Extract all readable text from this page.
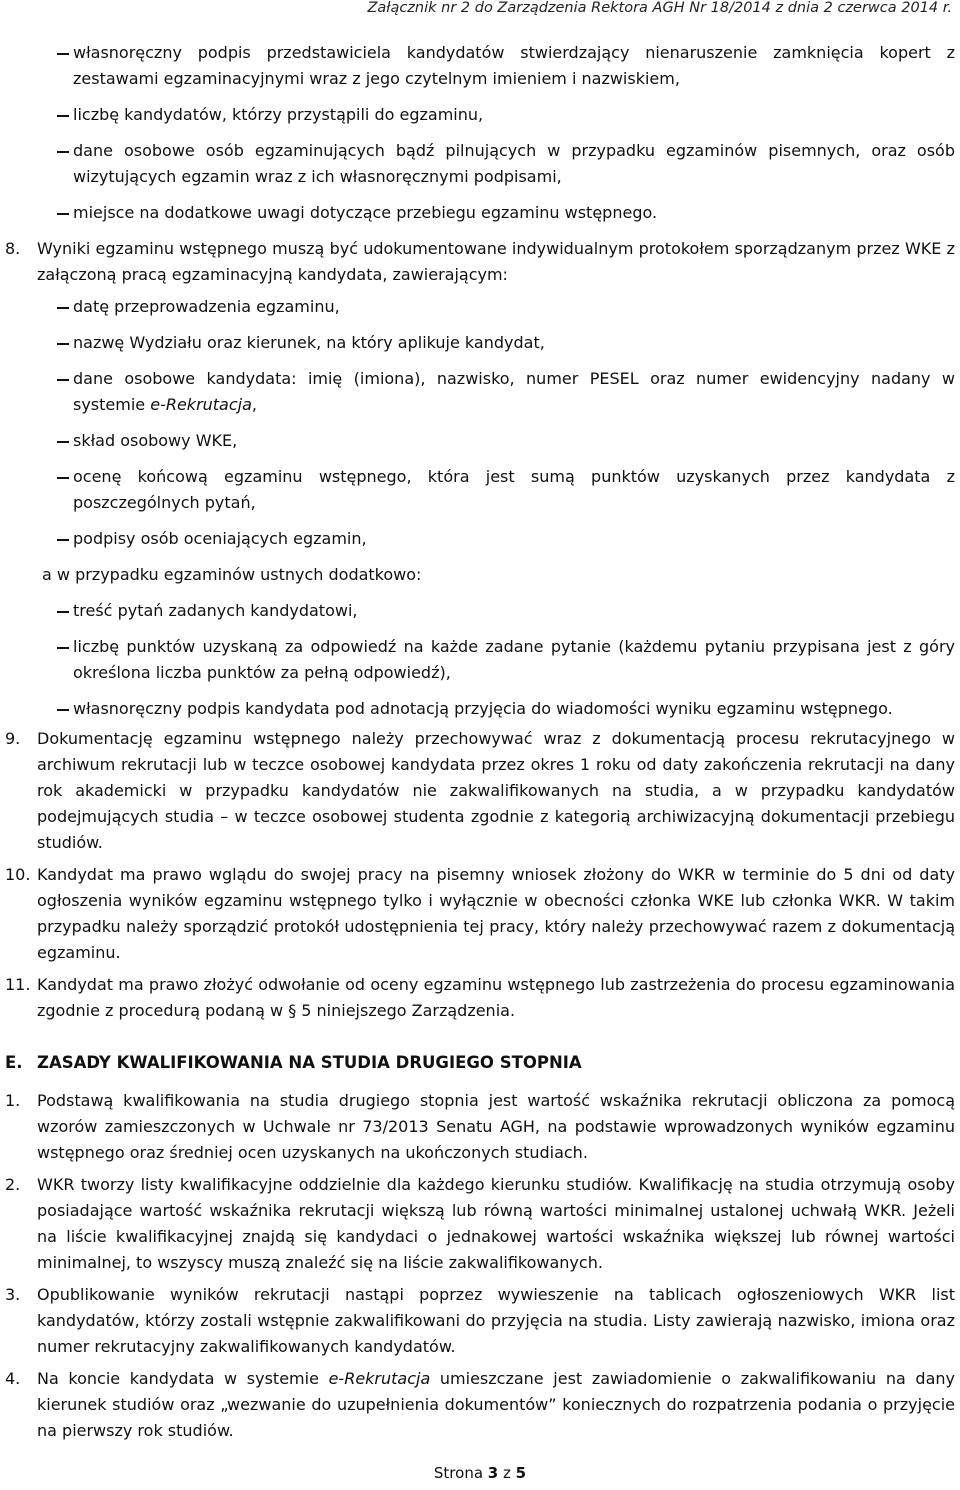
Załącznik nr 2 do Zarządzenia Rektora AGH Nr 18/2014 z dnia 2 czerwca 2014 r.
własnoręczny podpis przedstawiciela kandydatów stwierdzający nienaruszenie zamknięcia kopert z zestawami egzaminacyjnymi wraz z jego czytelnym imieniem i nazwiskiem,
liczbę kandydatów, którzy przystąpili do egzaminu,
dane osobowe osób egzaminujących bądź pilnujących w przypadku egzaminów pisemnych, oraz osób wizytujących egzamin wraz z ich własnoręcznymi podpisami,
miejsce na dodatkowe uwagi dotyczące przebiegu egzaminu wstępnego.
8. Wyniki egzaminu wstępnego muszą być udokumentowane indywidualnym protokołem sporządzanym przez WKE z załączoną pracą egzaminacyjną kandydata, zawierającym:
datę przeprowadzenia egzaminu,
nazwę Wydziału oraz kierunek, na który aplikuje kandydat,
dane osobowe kandydata: imię (imiona), nazwisko, numer PESEL oraz numer ewidencyjny nadany w systemie e-Rekrutacja,
skład osobowy WKE,
ocenę końcową egzaminu wstępnego, która jest sumą punktów uzyskanych przez kandydata z poszczególnych pytań,
podpisy osób oceniających egzamin,
a w przypadku egzaminów ustnych dodatkowo:
treść pytań zadanych kandydatowi,
liczbę punktów uzyskaną za odpowiedź na każde zadane pytanie (każdemu pytaniu przypisana jest z góry określona liczba punktów za pełną odpowiedź),
własnoręczny podpis kandydata pod adnotacją przyjęcia do wiadomości wyniku egzaminu wstępnego.
9. Dokumentację egzaminu wstępnego należy przechowywać wraz z dokumentacją procesu rekrutacyjnego w archiwum rekrutacji lub w teczce osobowej kandydata przez okres 1 roku od daty zakończenia rekrutacji na dany rok akademicki w przypadku kandydatów nie zakwalifikowanych na studia, a w przypadku kandydatów podejmujących studia – w teczce osobowej studenta zgodnie z kategorią archiwizacyjną dokumentacji przebiegu studiów.
10. Kandydat ma prawo wglądu do swojej pracy na pisemny wniosek złożony do WKR w terminie do 5 dni od daty ogłoszenia wyników egzaminu wstępnego tylko i wyłącznie w obecności członka WKE lub członka WKR. W takim przypadku należy sporządzić protokół udostępnienia tej pracy, który należy przechowywać razem z dokumentacją egzaminu.
11. Kandydat ma prawo złożyć odwołanie od oceny egzaminu wstępnego lub zastrzeżenia do procesu egzaminowania zgodnie z procedurą podaną w § 5 niniejszego Zarządzenia.
E. ZASADY KWALIFIKOWANIA NA STUDIA DRUGIEGO STOPNIA
1. Podstawą kwalifikowania na studia drugiego stopnia jest wartość wskaźnika rekrutacji obliczona za pomocą wzorów zamieszczonych w Uchwale nr 73/2013 Senatu AGH, na podstawie wprowadzonych wyników egzaminu wstępnego oraz średniej ocen uzyskanych na ukończonych studiach.
2. WKR tworzy listy kwalifikacyjne oddzielnie dla każdego kierunku studiów. Kwalifikację na studia otrzymują osoby posiadające wartość wskaźnika rekrutacji większą lub równą wartości minimalnej ustalonej uchwałą WKR. Jeżeli na liście kwalifikacyjnej znajdą się kandydaci o jednakowej wartości wskaźnika większej lub równej wartości minimalnej, to wszyscy muszą znaleźć się na liście zakwalifikowanych.
3. Opublikowanie wyników rekrutacji nastąpi poprzez wywieszenie na tablicach ogłoszeniowych WKR list kandydatów, którzy zostali wstępnie zakwalifikowani do przyjęcia na studia. Listy zawierają nazwisko, imiona oraz numer rekrutacyjny zakwalifikowanych kandydatów.
4. Na koncie kandydata w systemie e-Rekrutacja umieszczane jest zawiadomienie o zakwalifikowaniu na dany kierunek studiów oraz „wezwanie do uzupełnienia dokumentów” koniecznych do rozpatrzenia podania o przyjęcie na pierwszy rok studiów.
Strona 3 z 5
